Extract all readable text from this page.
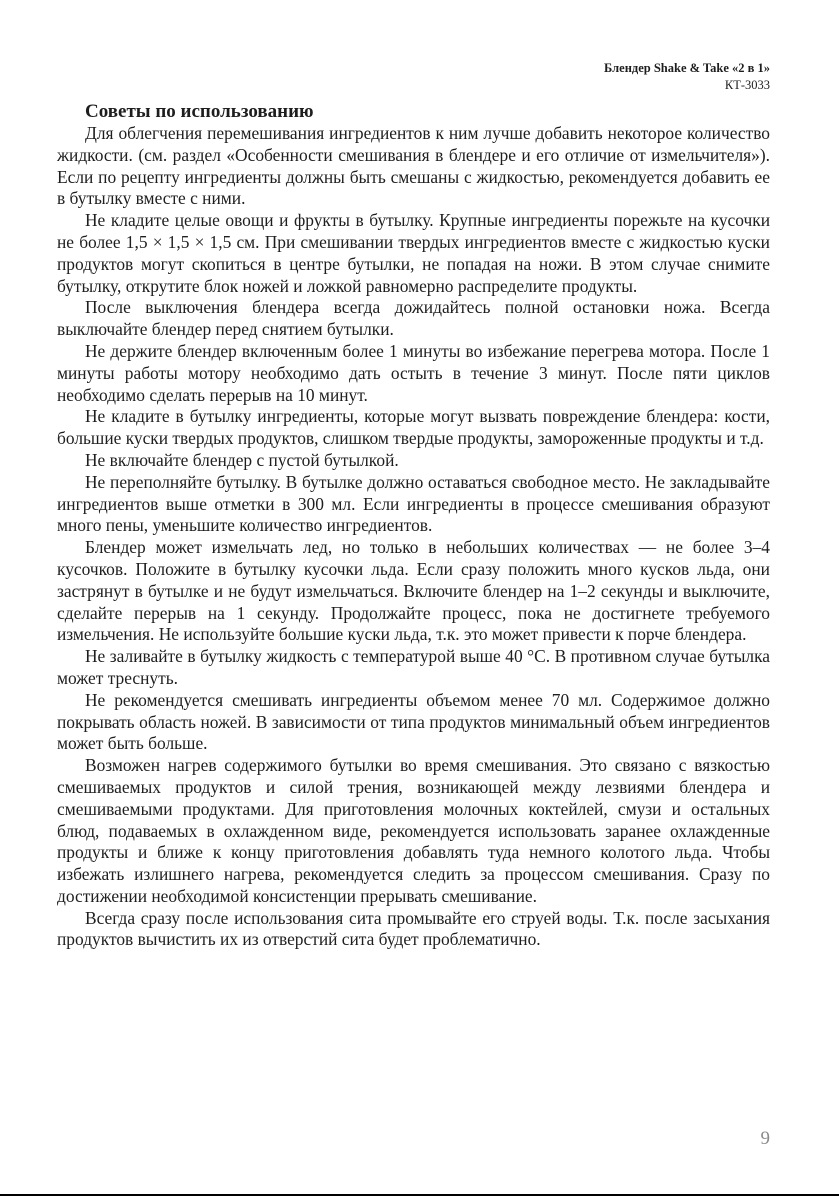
Блендер Shake & Take «2 в 1»
КТ-3033
Советы по использованию

Для облегчения перемешивания ингредиентов к ним лучше добавить некоторое количество жидкости. (см. раздел «Особенности смешивания в блендере и его отличие от измельчителя»). Если по рецепту ингредиенты должны быть смешаны с жидкостью, рекомендуется добавить ее в бутылку вместе с ними.

Не кладите целые овощи и фрукты в бутылку. Крупные ингредиенты порежьте на кусочки не более 1,5 × 1,5 × 1,5 см. При смешивании твердых ингредиентов вместе с жидкостью куски продуктов могут скопиться в центре бутылки, не попадая на ножи. В этом случае снимите бутылку, открутите блок ножей и ложкой равномерно распределите продукты.

После выключения блендера всегда дожидайтесь полной остановки ножа. Всегда выключайте блендер перед снятием бутылки.

Не держите блендер включенным более 1 минуты во избежание перегрева мотора. После 1 минуты работы мотору необходимо дать остыть в течение 3 минут. После пяти циклов необходимо сделать перерыв на 10 минут.

Не кладите в бутылку ингредиенты, которые могут вызвать повреждение блендера: кости, большие куски твердых продуктов, слишком твердые продукты, замороженные продукты и т.д.

Не включайте блендер с пустой бутылкой.

Не переполняйте бутылку. В бутылке должно оставаться свободное место. Не закладывайте ингредиентов выше отметки в 300 мл. Если ингредиенты в процессе смешивания образуют много пены, уменьшите количество ингредиентов.

Блендер может измельчать лед, но только в небольших количествах — не более 3–4 кусочков. Положите в бутылку кусочки льда. Если сразу положить много кусков льда, они застрянут в бутылке и не будут измельчаться. Включите блендер на 1–2 секунды и выключите, сделайте перерыв на 1 секунду. Продолжайте процесс, пока не достигнете требуемого измельчения. Не используйте большие куски льда, т.к. это может привести к порче блендера.

Не заливайте в бутылку жидкость с температурой выше 40 °С. В противном случае бутылка может треснуть.

Не рекомендуется смешивать ингредиенты объемом менее 70 мл. Содержимое должно покрывать область ножей. В зависимости от типа продуктов минимальный объем ингредиентов может быть больше.

Возможен нагрев содержимого бутылки во время смешивания. Это связано с вязкостью смешиваемых продуктов и силой трения, возникающей между лезвиями блендера и смешиваемыми продуктами. Для приготовления молочных коктейлей, смузи и остальных блюд, подаваемых в охлажденном виде, рекомендуется использовать заранее охлажденные продукты и ближе к концу приготовления добавлять туда немного колотого льда. Чтобы избежать излишнего нагрева, рекомендуется следить за процессом смешивания. Сразу по достижении необходимой консистенции прерывать смешивание.

Всегда сразу после использования сита промывайте его струей воды. Т.к. после засыхания продуктов вычистить их из отверстий сита будет проблематично.

9
